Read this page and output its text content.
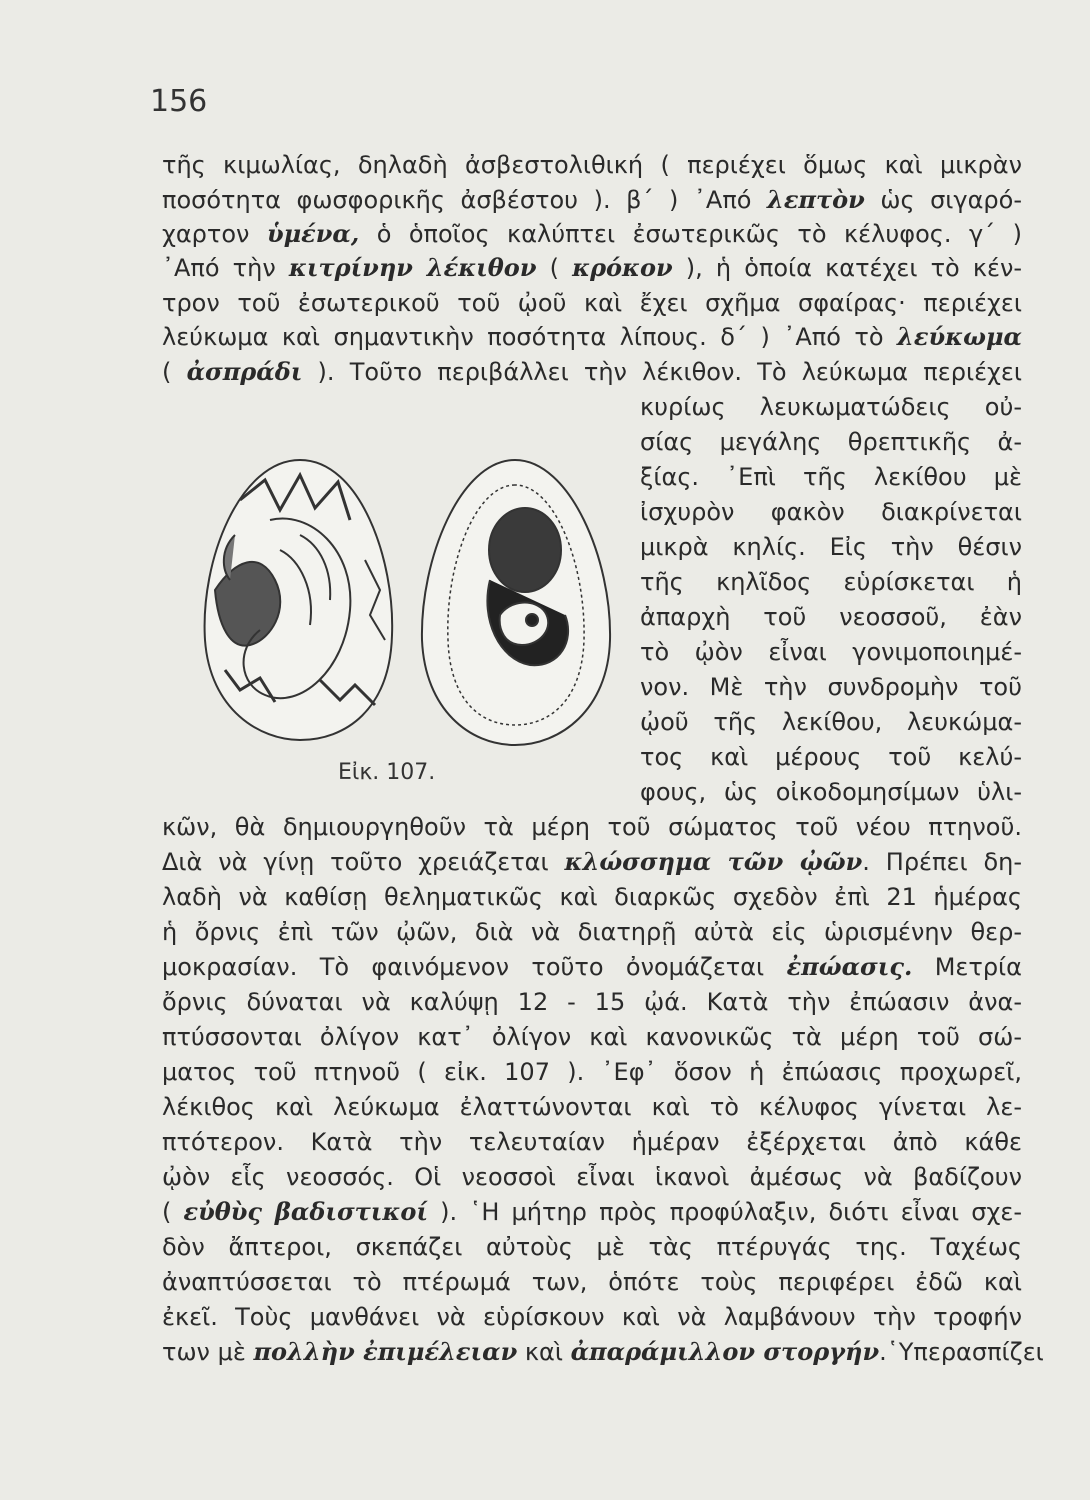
156
τῆς κιμωλίας, δηλαδὴ ἀσβεστολιθική ( περιέχει ὅμως καὶ μικρὰν
ποσότητα φωσφορικῆς ἀσβέστου ). β΄ ) ᾿Από λεπτὸν ὡς σιγαρό-
χαρτον ὑμένα, ὁ ὁποῖος καλύπτει ἐσωτερικῶς τὸ κέλυφος. γ΄ )
᾿Από τὴν κιτρίνην λέκιθον ( κρόκον ), ἡ ὁποία κατέχει τὸ κέν-
τρον τοῦ ἐσωτερικοῦ τοῦ ᾠοῦ καὶ ἔχει σχῆμα σφαίρας· περιέχει
λεύκωμα καὶ σημαντικὴν ποσότητα λίπους. δ΄ ) ᾿Από τὸ λεύκωμα
( ἀσπράδι ). Τοῦτο περιβάλλει τὴν λέκιθον. Τὸ λεύκωμα περιέχει
κυρίως λευκωματώδεις οὐ-
σίας μεγάλης θρεπτικῆς ἀ-
ξίας. ᾿Επὶ τῆς λεκίθου μὲ
ἰσχυρὸν φακὸν διακρίνεται
μικρὰ κηλίς. Εἰς τὴν θέσιν
τῆς κηλῖδος εὑρίσκεται ἡ
ἀπαρχὴ τοῦ νεοσσοῦ, ἐὰν
τὸ ᾠὸν εἶναι γονιμοποιημέ-
νον. Μὲ τὴν συνδρομὴν τοῦ
ᾠοῦ τῆς λεκίθου, λευκώμα-
τος καὶ μέρους τοῦ κελύ-
φους, ὡς οἰκοδομησίμων ὑλι-
κῶν, θὰ δημιουργηθοῦν τὰ μέρη τοῦ σώματος τοῦ νέου πτηνοῦ.
Διὰ νὰ γίνῃ τοῦτο χρειάζεται κλώσσημα τῶν ᾠῶν. Πρέπει δη-
λαδὴ νὰ καθίσῃ θεληματικῶς καὶ διαρκῶς σχεδὸν ἐπὶ 21 ἡμέρας
ἡ ὄρνις ἐπὶ τῶν ᾠῶν, διὰ νὰ διατηρῇ αὐτὰ εἰς ὡρισμένην θερ-
μοκρασίαν. Τὸ φαινόμενον τοῦτο ὀνομάζεται ἐπώασις. Μετρία
ὄρνις δύναται νὰ καλύψῃ 12 - 15 ᾠά. Κατὰ τὴν ἐπώασιν ἀνα-
πτύσσονται ὀλίγον κατ᾿ ὀλίγον καὶ κανονικῶς τὰ μέρη τοῦ σώ-
ματος τοῦ πτηνοῦ ( εἰκ. 107 ). ᾿Εφ᾿ ὅσον ἡ ἐπώασις προχωρεῖ,
λέκιθος καὶ λεύκωμα ἐλαττώνονται καὶ τὸ κέλυφος γίνεται λε-
πτότερον. Κατὰ τὴν τελευταίαν ἡμέραν ἐξέρχεται ἀπὸ κάθε
ᾠὸν εἷς νεοσσός. Οἱ νεοσσοὶ εἶναι ἱκανοὶ ἀμέσως νὰ βαδίζουν
( εὐθὺς βαδιστικοί ). ῾Η μήτηρ πρὸς προφύλαξιν, διότι εἶναι σχε-
δὸν ἄπτεροι, σκεπάζει αὐτοὺς μὲ τὰς πτέρυγάς της. Ταχέως
ἀναπτύσσεται τὸ πτέρωμά των, ὁπότε τοὺς περιφέρει ἐδῶ καὶ
ἐκεῖ. Τοὺς μανθάνει νὰ εὑρίσκουν καὶ νὰ λαμβάνουν τὴν τροφήν
των μὲ πολλὴν ἐπιμέλειαν καὶ ἀπαράμιλλον στοργήν.῾Υπερασπίζει
Εἰκ. 107.
